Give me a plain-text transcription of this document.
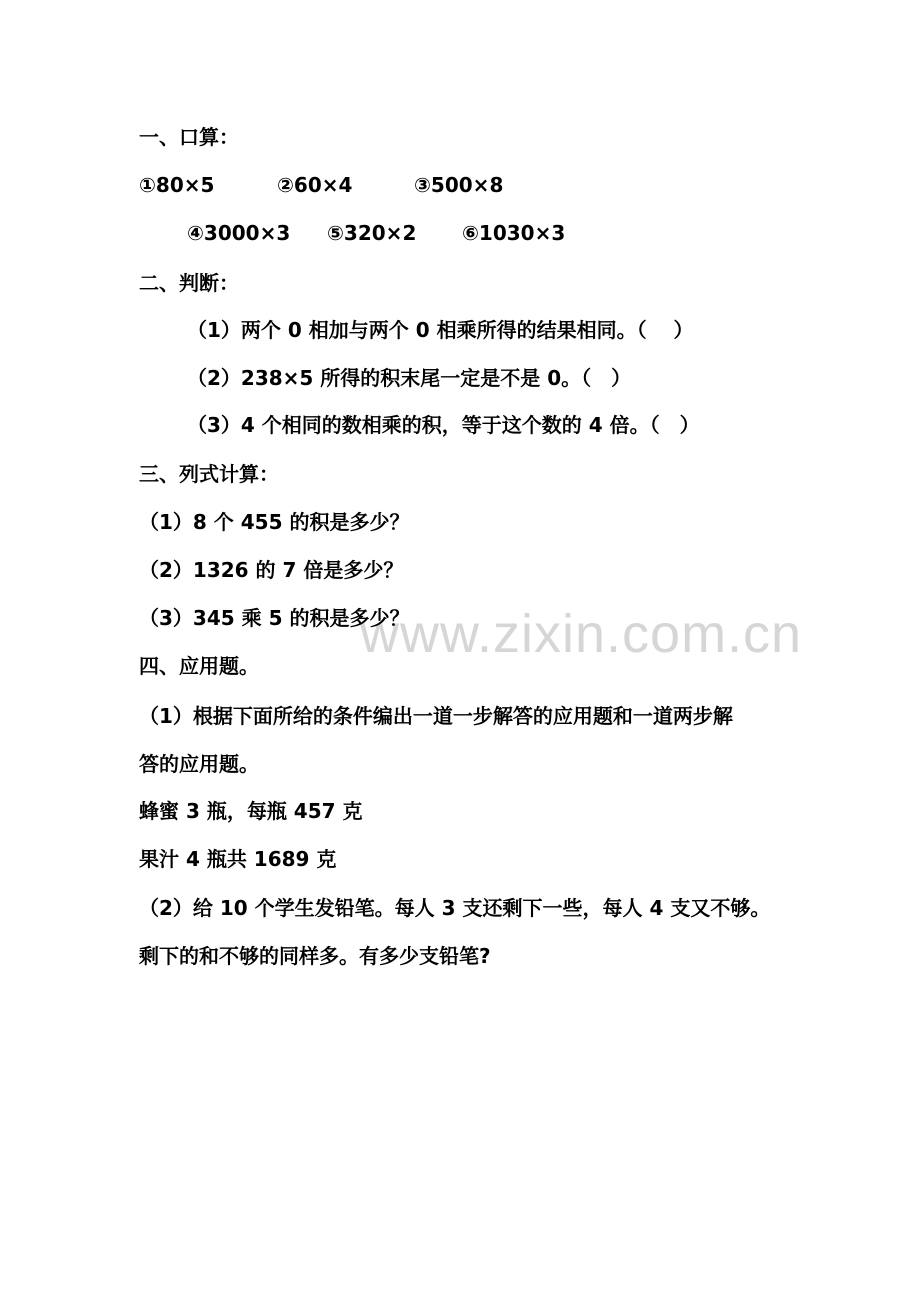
www.zixin.com.cn
一、口算：
①80×5	②60×4	③500×8
④3000×3 ⑤320×2 ⑥1030×3
二、判断：
（1）两个 0 相加与两个 0 相乘所得的结果相同。（　 ）
（2）238×5 所得的积末尾一定是不是 0。（　）
（3）4 个相同的数相乘的积，等于这个数的 4 倍。（　）
三、列式计算：
（1）8 个 455 的积是多少？
（2）1326 的 7 倍是多少？
（3）345 乘 5 的积是多少？
四、应用题。
（1）根据下面所给的条件编出一道一步解答的应用题和一道两步解
答的应用题。
蜂蜜 3 瓶，每瓶 457 克
果汁 4 瓶共 1689 克
（2）给 10 个学生发铅笔。每人 3 支还剩下一些，每人 4 支又不够。
剩下的和不够的同样多。有多少支铅笔?
